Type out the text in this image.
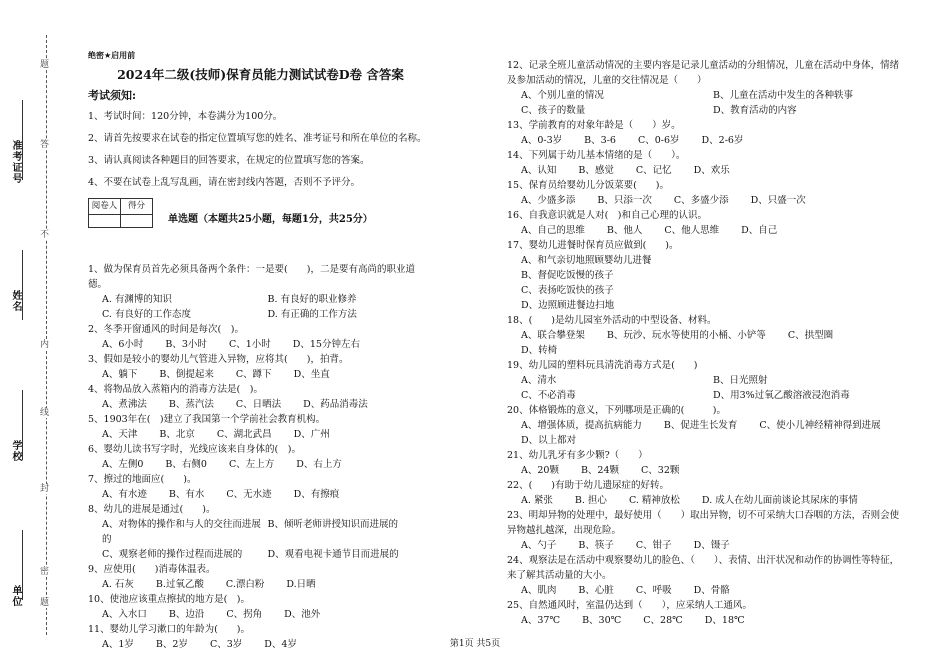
准考证号
姓名
学校
单位
题
答
不
内
线
封
密
题
绝密★启用前
2024年二级(技师)保育员能力测试试卷D卷 含答案
考试须知:

1、考试时间：120分钟，本卷满分为100分。

2、请首先按要求在试卷的指定位置填写您的姓名、准考证号和所在单位的名称。

3、请认真阅读各种题目的回答要求，在规定的位置填写您的答案。

4、不要在试卷上乱写乱画，请在密封线内答题，否则不予评分。

阅卷人	得分

单选题（本题共25小题，每题1分，共25分）
1、做为保育员首先必须具备两个条件：一是要(　　)，二是要有高尚的职业道德。
A. 有渊博的知识	B. 有良好的职业修养
C. 有良好的工作态度	D. 有正确的工作方法
2、冬季开窗通风的时间是每次(　)。
A、6小时 B、3小时 C、1小时 D、15分钟左右
3、假如是较小的婴幼儿气管进入异物，应将其(　　)，拍背。
A、躺下 B、倒提起来 C、蹲下 D、坐直
4、将物品放入蒸箱内的消毒方法是(　)。
A、煮沸法 B、蒸汽法 C、日晒法 D、药品消毒法
5、1903年在(　)建立了我国第一个学前社会教育机构。
A、天津 B、北京 C、湖北武昌 D、广州
6、婴幼儿读书写字时，光线应该来自身体的(　)。
A、左侧0 B、右侧0 C、左上方 D、右上方
7、擦过的地面应(　　)。
A、有水迹 B、有水 C、无水迹 D、有擦痕
8、幼儿的进展是通过(　　)。
A、对物体的操作和与人的交往而进展的
B、倾听老师讲授知识而进展的
C、观察老师的操作过程而进展的	D、观看电视卡通节目而进展的
9、应使用(　　)消毒体温表。
A. 石灰 B.过氧乙酸 C.漂白粉 D.日晒
10、使池应该重点擦拭的地方是(　)。
A、入水口 B、边沿 C、拐角 D、池外
11、婴幼儿学习漱口的年龄为(　　)。
A、1岁 B、2岁 C、3岁 D、4岁
12、记录全班儿童活动情况的主要内容是记录儿童活动的分组情况，儿童在活动中身体，情绪及参加活动的情况，儿童的交往情况是（　　）
A、个别儿童的情况	B、儿童在活动中发生的各种轶事
C、孩子的数量	D、教育活动的内容
13、学前教育的对象年龄是（　　）岁。
A、0-3岁 B、3-6 C、0-6岁 D、2-6岁
14、下列属于幼儿基本情绪的是（　　）。
A、认知 B、感觉 C、记忆 D、欢乐
15、保育员给婴幼儿分饭菜要(　　)。
A、少盛多添 B、只添一次 C、多盛少添 D、只盛一次
16、自我意识就是人对(　)和自己心理的认识。
A、自己的思维 B、他人 C、他人思维 D、自己
17、婴幼儿进餐时保育员应做到(　　)。
A、和气亲切地照顾婴幼儿进餐
B、督促吃饭慢的孩子
C、表扬吃饭快的孩子
D、边照顾进餐边扫地
18、(　　)是幼儿园室外活动的中型设备、材料。
A、联合攀登架 B、玩沙、玩水等使用的小桶、小铲等 C、拱型圈
D、转椅
19、幼儿园的塑料玩具清洗消毒方式是(　　)
A、清水	B、日光照射
C、不必消毒	D、用3%过氧乙酸溶液浸泡消毒
20、体格锻炼的意义，下列哪项是正确的(　　　)。
A、增强体质，提高抗病能力 B、促进生长发育 C、使小儿神经精神得到进展
D、以上都对
21、幼儿乳牙有多少颗?（　　）
A、20颗 B、24颗 C、32颗
22、(　　)有助于幼儿遗尿症的好转。
A. 紧张 B. 担心 C. 精神放松 D. 成人在幼儿面前谈论其尿床的事情
23、明却异物的处理中，最好使用（　　）取出异物，切不可采纳大口吞咽的方法，否则会使异物越扎越深，出现危险。
A、勺子 B、筷子 C、钳子 D、镊子
24、观察法是在活动中观察婴幼儿的脸色、（　　）、表情、出汗状况和动作的协调性等特征，来了解其活动量的大小。
A、肌肉 B、心脏 C、呼吸 D、骨骼
25、自然通风时，室温仍达到（　　），应采纳人工通风。
A、37℃ B、30℃ C、28℃ D、18℃
第1页 共5页
